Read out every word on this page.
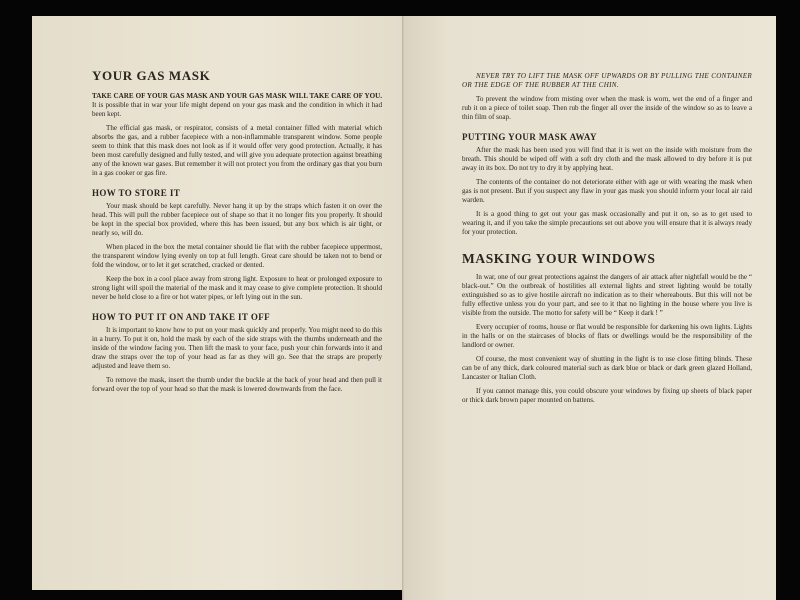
YOUR GAS MASK

TAKE CARE OF YOUR GAS MASK AND YOUR GAS MASK WILL TAKE CARE OF YOU. It is possible that in war your life might depend on your gas mask and the condition in which it had been kept.

The efficial gas mask, or respirator, consists of a metal container filled with material which absorbs the gas, and a rubber facepiece with a non-inflammable transparent window. Some people seem to think that this mask does not look as if it would offer very good protection. Actually, it has been most carefully designed and fully tested, and will give you adequate protection against breathing any of the known war gases. But remember it will not protect you from the ordinary gas that you burn in a gas cooker or gas fire.

HOW TO STORE IT

Your mask should be kept carefully. Never hang it up by the straps which fasten it on over the head. This will pull the rubber facepiece out of shape so that it no longer fits you properly. It should be kept in the special box provided, where this has been issued, but any box which is air tight, or nearly so, will do.

When placed in the box the metal container should lie flat with the rubber facepiece uppermost, the transparent window lying evenly on top at full length. Great care should be taken not to bend or fold the window, or to let it get scratched, cracked or dented.

Keep the box in a cool place away from strong light. Exposure to heat or prolonged exposure to strong light will spoil the material of the mask and it may cease to give complete protection. It should never be held close to a fire or hot water pipes, or left lying out in the sun.

HOW TO PUT IT ON AND TAKE IT OFF

It is important to know how to put on your mask quickly and properly. You might need to do this in a hurry. To put it on, hold the mask by each of the side straps with the thumbs underneath and the inside of the window facing you. Then lift the mask to your face, push your chin forwards into it and draw the straps over the top of your head as far as they will go. See that the straps are properly adjusted and leave them so.

To remove the mask, insert the thumb under the buckle at the back of your head and then pull it forward over the top of your head so that the mask is lowered downwards from the face.

NEVER TRY TO LIFT THE MASK OFF UPWARDS OR BY PULLING THE CONTAINER OR THE EDGE OF THE RUBBER AT THE CHIN.

To prevent the window from misting over when the mask is worn, wet the end of a finger and rub it on a piece of toilet soap. Then rub the finger all over the inside of the window so as to leave a thin film of soap.

PUTTING YOUR MASK AWAY

After the mask has been used you will find that it is wet on the inside with moisture from the breath. This should be wiped off with a soft dry cloth and the mask allowed to dry before it is put away in its box. Do not try to dry it by applying heat.

The contents of the container do not deteriorate either with age or with wearing the mask when gas is not present. But if you suspect any flaw in your gas mask you should inform your local air raid warden.

It is a good thing to get out your gas mask occasionally and put it on, so as to get used to wearing it, and if you take the simple precautions set out above you will ensure that it is always ready for your protection.

MASKING YOUR WINDOWS

In war, one of our great protections against the dangers of air attack after nightfall would be the “ black-out.” On the outbreak of hostilities all external lights and street lighting would be totally extinguished so as to give hostile aircraft no indication as to their whereabouts. But this will not be fully effective unless you do your part, and see to it that no lighting in the house where you live is visible from the outside. The motto for safety will be “ Keep it dark ! ”

Every occupier of rooms, house or flat would be responsible for darkening his own lights. Lights in the halls or on the staircases of blocks of flats or dwellings would be the responsibility of the landlord or owner.

Of course, the most convenient way of shutting in the light is to use close fitting blinds. These can be of any thick, dark coloured material such as dark blue or black or dark green glazed Holland, Lancaster or Italian Cloth.

If you cannot manage this, you could obscure your windows by fixing up sheets of black paper or thick dark brown paper mounted on battens.
